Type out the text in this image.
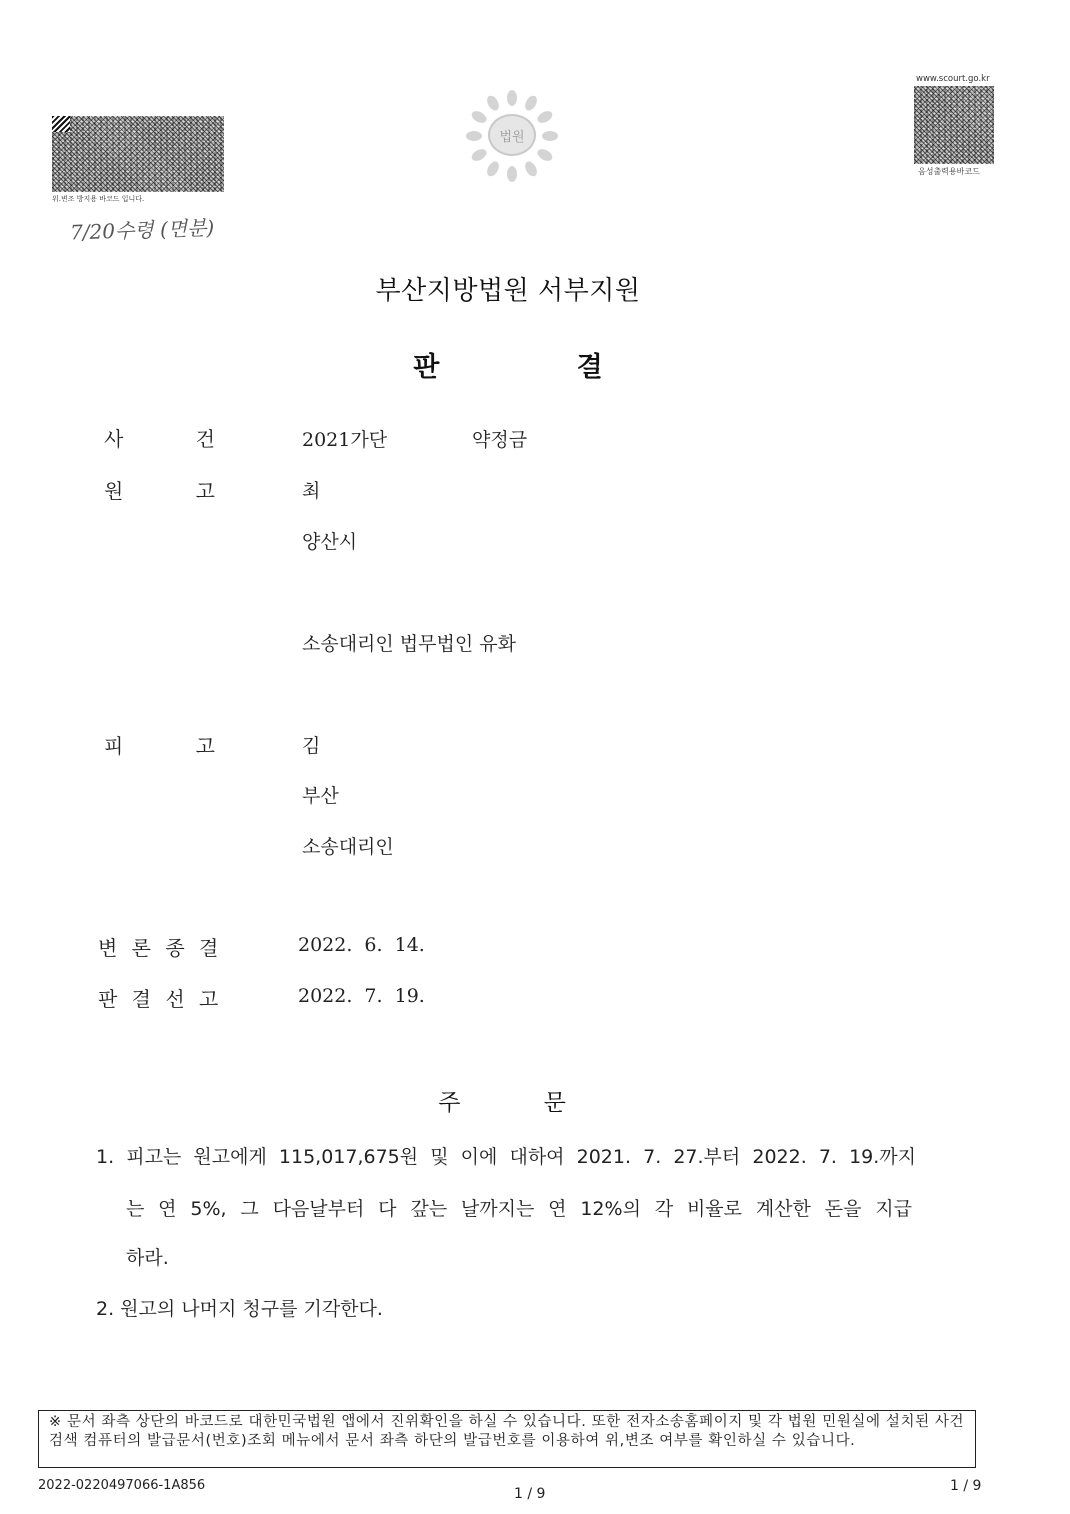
위.변조 방지용 바코드 입니다.
7/20수령 (면분)
법원
www.scourt.go.kr
음성출력용바코드
부산지방법원 서부지원
판 결
사 건	2021가단	약정금
원 고	최
양산시
소송대리인 법무법인 유화
피 고	김
부산
소송대리인
변 론 종 결	2022. 6. 14.
판 결 선 고	2022. 7. 19.
주 문
1. 피고는 원고에게 115,017,675원 및 이에 대하여 2021. 7. 27.부터 2022. 7. 19.까지
는 연 5%, 그 다음날부터 다 갚는 날까지는 연 12%의 각 비율로 계산한 돈을 지급
하라.
2. 원고의 나머지 청구를 기각한다.
※ 문서 좌측 상단의 바코드로 대한민국법원 앱에서 진위확인을 하실 수 있습니다. 또한 전자소송홈페이지 및 각 법원 민원실에 설치된 사건검색 컴퓨터의 발급문서(번호)조회 메뉴에서 문서 좌측 하단의 발급번호를 이용하여 위,변조 여부를 확인하실 수 있습니다.
2022-0220497066-1A856
1 / 9	1 / 9
